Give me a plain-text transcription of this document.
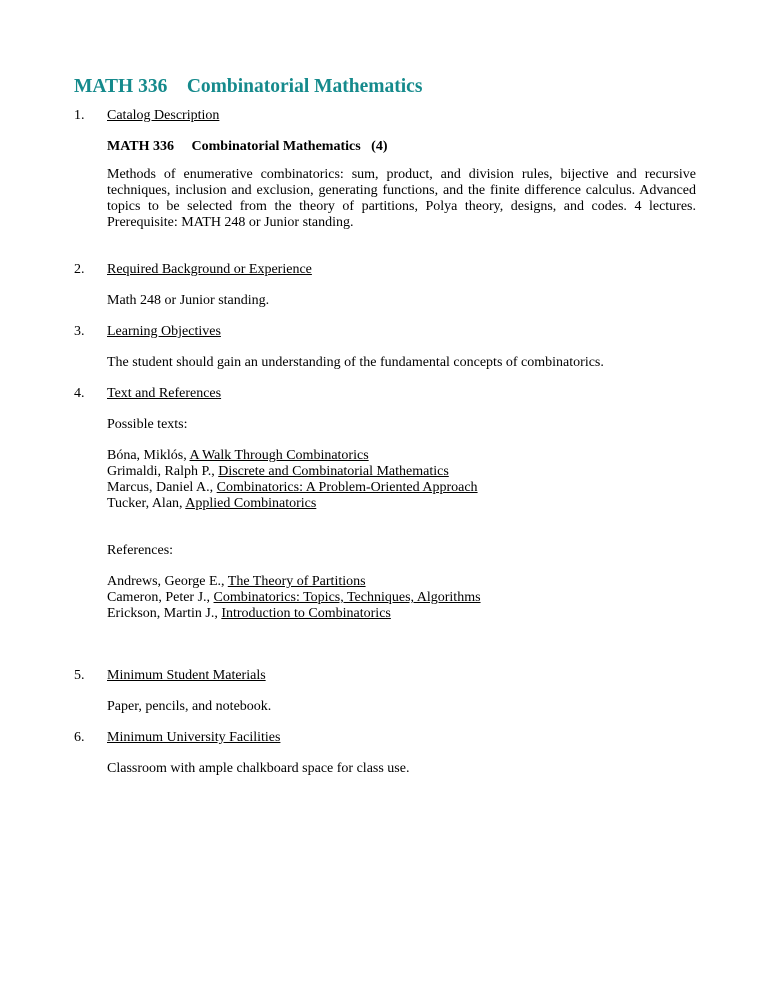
MATH 336    Combinatorial Mathematics
1. Catalog Description
MATH 336     Combinatorial Mathematics   (4)
Methods of enumerative combinatorics: sum, product, and division rules, bijective and recursive techniques, inclusion and exclusion, generating functions, and the finite difference calculus. Advanced topics to be selected from the theory of partitions, Polya theory, designs, and codes. 4 lectures. Prerequisite: MATH 248 or Junior standing.
2. Required Background or Experience
Math 248 or Junior standing.
3. Learning Objectives
The student should gain an understanding of the fundamental concepts of combinatorics.
4. Text and References
Possible texts:
Bóna, Miklós, A Walk Through Combinatorics
Grimaldi, Ralph P., Discrete and Combinatorial Mathematics
Marcus, Daniel A., Combinatorics: A Problem-Oriented Approach
Tucker, Alan, Applied Combinatorics
References:
Andrews, George E., The Theory of Partitions
Cameron, Peter J., Combinatorics: Topics, Techniques, Algorithms
Erickson, Martin J., Introduction to Combinatorics
5. Minimum Student Materials
Paper, pencils, and notebook.
6. Minimum University Facilities
Classroom with ample chalkboard space for class use.
